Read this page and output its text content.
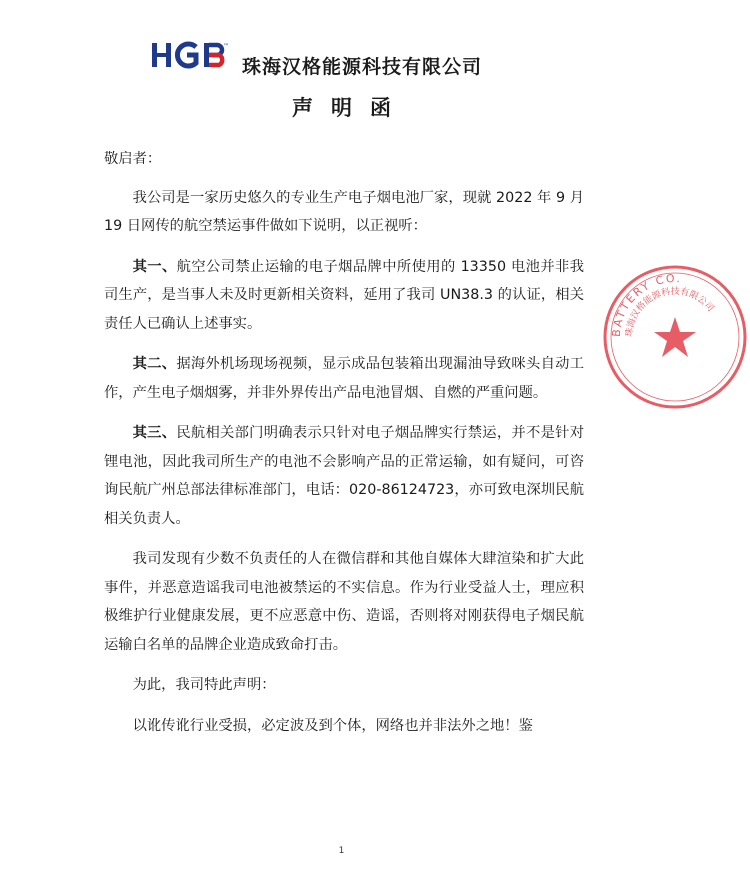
™
珠海汉格能源科技有限公司
声明函

敬启者：

我公司是一家历史悠久的专业生产电子烟电池厂家，现就 2022 年 9 月 19 日网传的航空禁运事件做如下说明，以正视听：

其一、航空公司禁止运输的电子烟品牌中所使用的 13350 电池并非我司生产，是当事人未及时更新相关资料，延用了我司 UN38.3 的认证，相关责任人已确认上述事实。

其二、据海外机场现场视频，显示成品包装箱出现漏油导致咪头自动工作，产生电子烟烟雾，并非外界传出产品电池冒烟、自燃的严重问题。

其三、民航相关部门明确表示只针对电子烟品牌实行禁运，并不是针对锂电池，因此我司所生产的电池不会影响产品的正常运输，如有疑问，可咨询民航广州总部法律标准部门，电话：020-86124723，亦可致电深圳民航相关负责人。

我司发现有少数不负责任的人在微信群和其他自媒体大肆渲染和扩大此事件，并恶意造谣我司电池被禁运的不实信息。作为行业受益人士，理应积极维护行业健康发展，更不应恶意中伤、造谣，否则将对刚获得电子烟民航运输白名单的品牌企业造成致命打击。

为此，我司特此声明：

以讹传讹行业受损，必定波及到个体，网络也并非法外之地！鉴

BATTERY CO.
珠海汉格能源科技有限公司
1
